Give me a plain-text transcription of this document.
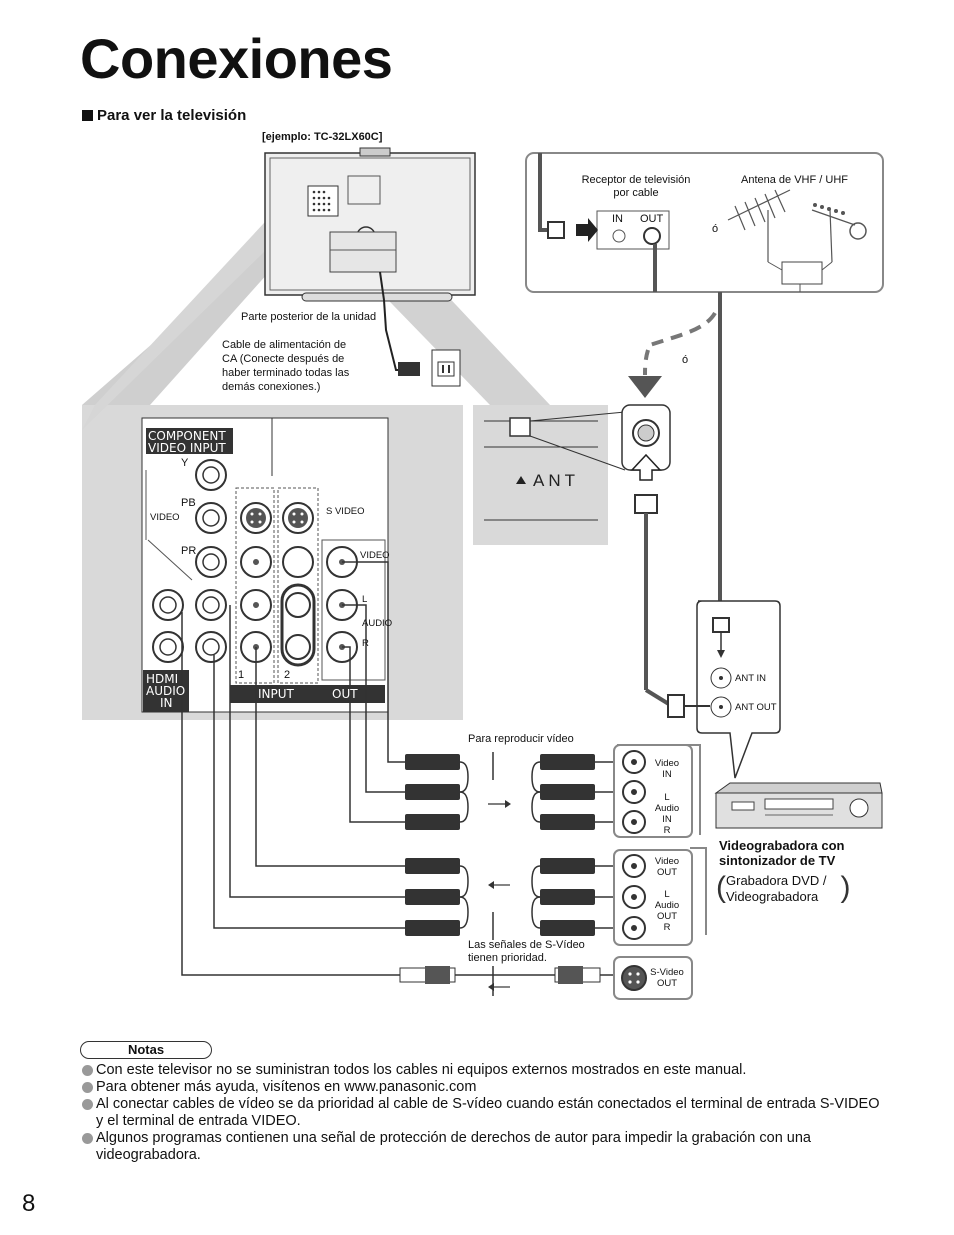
Conexiones
Para ver la televisión
ANT
[ejemplo: TC-32LX60C]
Parte posterior de la unidad
Cable de alimentación de
CA (Conecte después de
haber terminado todas las
demás conexiones.)
Receptor de televisión
por cable
Antena de VHF / UHF
IN OUT
ó
ó
COMPONENT
VIDEO INPUT
Y
PB
PR
VIDEO
S VIDEO
VIDEO
L
AUDIO
R
1	2
HDMI
AUDIO
IN
INPUT	OUT
ANT IN
ANT OUT
Para reproducir vídeo
Las señales de S-Vídeo
tienen prioridad.
Video
IN
L
Audio
IN
R
Video
OUT
L
Audio
OUT
R
S-Video
OUT
Videograbadora con
sintonizador de TV
( Grabadora DVD /
Videograbadora )
Notas
Con este televisor no se suministran todos los cables ni equipos externos mostrados en este manual.
Para obtener más ayuda, visítenos en www.panasonic.com
Al conectar cables de vídeo se da prioridad al cable de S-vídeo cuando están conectados el terminal de entrada S-VIDEO y el terminal de entrada VIDEO.
Algunos programas contienen una señal de protección de derechos de autor para impedir la grabación con una videograbadora.
8
